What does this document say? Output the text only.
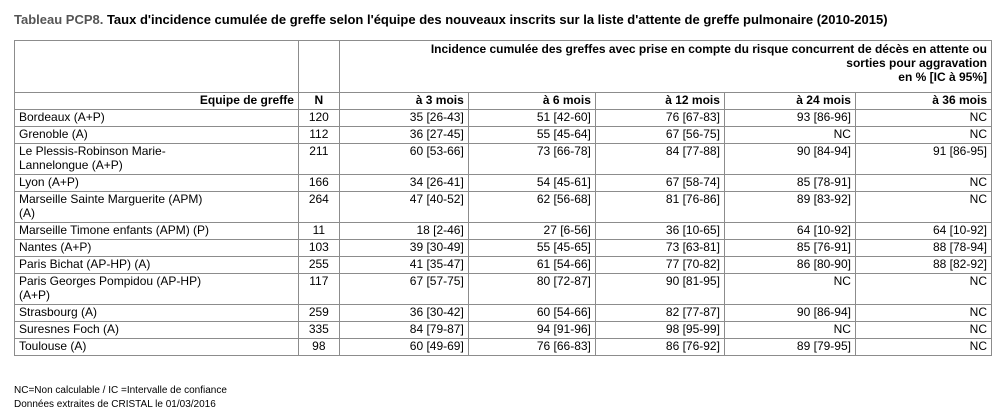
Tableau PCP8. Taux d'incidence cumulée de greffe selon l'équipe des nouveaux inscrits sur la liste d'attente de greffe pulmonaire (2010-2015)

		Incidence cumulée des greffes avec prise en compte du risque concurrent de décès en attente ou
sorties pour aggravation
en % [IC à 95%]				

Equipe de greffe	N	à 3 mois	à 6 mois	à 12 mois	à 24 mois	à 36 mois

Bordeaux (A+P)	120	35 [26-43]	51 [42-60]	76 [67-83]	93 [86-96]	NC

Grenoble (A)	112	36 [27-45]	55 [45-64]	67 [56-75]	NC	NC

Le Plessis-Robinson Marie-
Lannelongue (A+P)	211	60 [53-66]	73 [66-78]	84 [77-88]	90 [84-94]	91 [86-95]

Lyon (A+P)	166	34 [26-41]	54 [45-61]	67 [58-74]	85 [78-91]	NC

Marseille Sainte Marguerite (APM)
(A)	264	47 [40-52]	62 [56-68]	81 [76-86]	89 [83-92]	NC

Marseille Timone enfants (APM) (P)	11	18 [2-46]	27 [6-56]	36 [10-65]	64 [10-92]	64 [10-92]

Nantes (A+P)	103	39 [30-49]	55 [45-65]	73 [63-81]	85 [76-91]	88 [78-94]

Paris Bichat (AP-HP) (A)	255	41 [35-47]	61 [54-66]	77 [70-82]	86 [80-90]	88 [82-92]

Paris Georges Pompidou (AP-HP)
(A+P)	117	67 [57-75]	80 [72-87]	90 [81-95]	NC	NC

Strasbourg (A)	259	36 [30-42]	60 [54-66]	82 [77-87]	90 [86-94]	NC

Suresnes Foch (A)	335	84 [79-87]	94 [91-96]	98 [95-99]	NC	NC

Toulouse (A)	98	60 [49-69]	76 [66-83]	86 [76-92]	89 [79-95]	NC
NC=Non calculable / IC =Intervalle de confiance
Données extraites de CRISTAL le 01/03/2016
